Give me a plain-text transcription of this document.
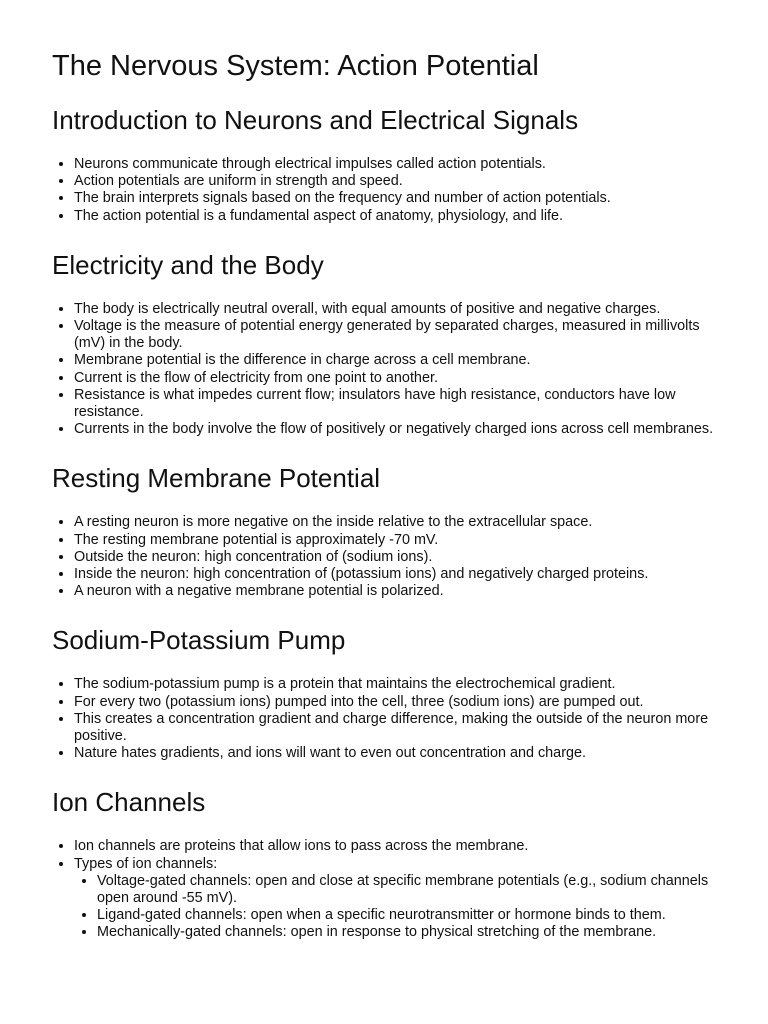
The Nervous System: Action Potential
Introduction to Neurons and Electrical Signals
• Neurons communicate through electrical impulses called action potentials.
• Action potentials are uniform in strength and speed.
• The brain interprets signals based on the frequency and number of action potentials.
• The action potential is a fundamental aspect of anatomy, physiology, and life.
Electricity and the Body
• The body is electrically neutral overall, with equal amounts of positive and negative charges.
• Voltage is the measure of potential energy generated by separated charges, measured in millivolts (mV) in the body.
• Membrane potential is the difference in charge across a cell membrane.
• Current is the flow of electricity from one point to another.
• Resistance is what impedes current flow; insulators have high resistance, conductors have low resistance.
• Currents in the body involve the flow of positively or negatively charged ions across cell membranes.
Resting Membrane Potential
• A resting neuron is more negative on the inside relative to the extracellular space.
• The resting membrane potential is approximately -70 mV.
• Outside the neuron: high concentration of (sodium ions).
• Inside the neuron: high concentration of (potassium ions) and negatively charged proteins.
• A neuron with a negative membrane potential is polarized.
Sodium-Potassium Pump
• The sodium-potassium pump is a protein that maintains the electrochemical gradient.
• For every two (potassium ions) pumped into the cell, three (sodium ions) are pumped out.
• This creates a concentration gradient and charge difference, making the outside of the neuron more positive.
• Nature hates gradients, and ions will want to even out concentration and charge.
Ion Channels
• Ion channels are proteins that allow ions to pass across the membrane.
• Types of ion channels:
• Voltage-gated channels: open and close at specific membrane potentials (e.g., sodium channels open around -55 mV).
• Ligand-gated channels: open when a specific neurotransmitter or hormone binds to them.
• Mechanically-gated channels: open in response to physical stretching of the membrane.
